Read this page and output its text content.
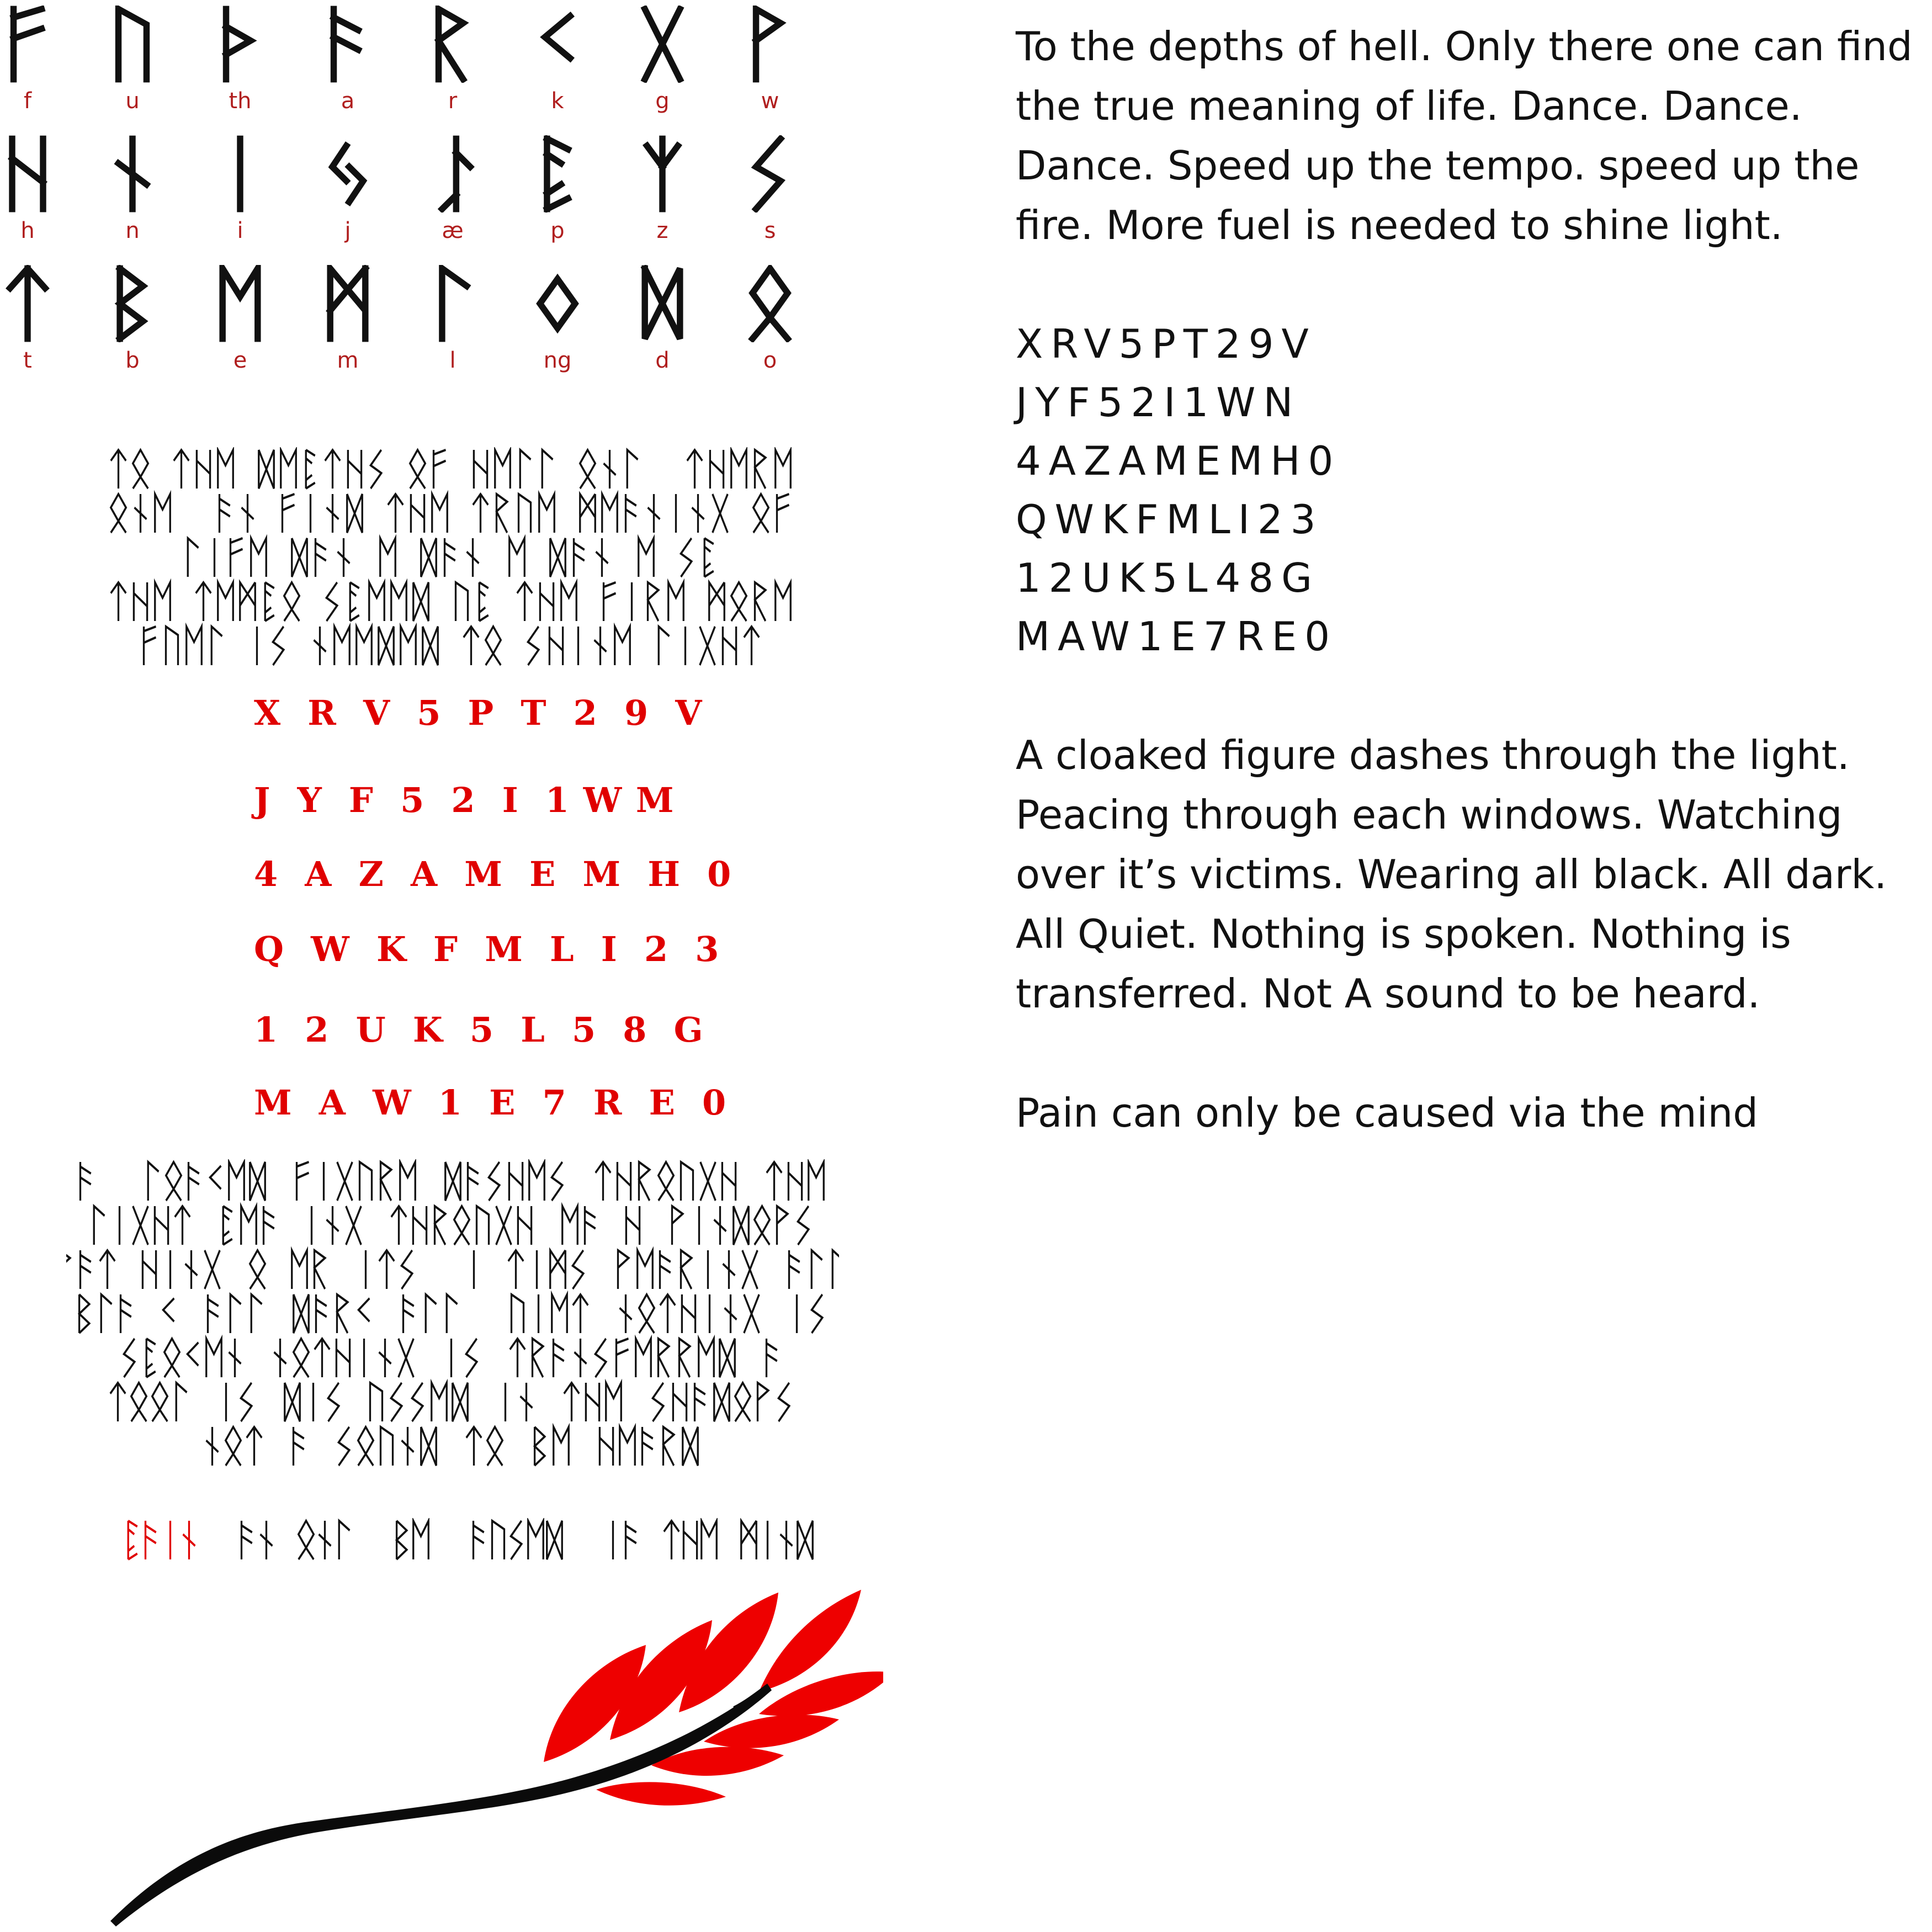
f	u	th	a	r	k	g	w
h	n	i	j	æ	p	z	s
t	b	e	m	l	ng	d	o
X  R  V  5  P  T  2  9  V
J  Y  F  5  2  I  1 W M
4  A  Z  A  M  E  M  H  0
Q  W  K  F  M  L  I  2  3
1  2  U  K  5  L  5  8  G
M  A  W  1  E  7  R  E  0

To the depths of hell. Only there one can find
the true meaning of life. Dance. Dance.
Dance. Speed up the tempo. speed up the
fire. More fuel is needed to shine light.

XRV5PT29V
JYF52I1WN
4AZAMEMH0
QWKFMLI23
12UK5L48G
MAW1E7RE0

A cloaked figure dashes through the light.
Peacing through each windows. Watching
over it’s victims. Wearing all black. All dark.
All Quiet. Nothing is spoken. Nothing is
transferred. Not A sound to be heard.

Pain can only be caused via the mind
